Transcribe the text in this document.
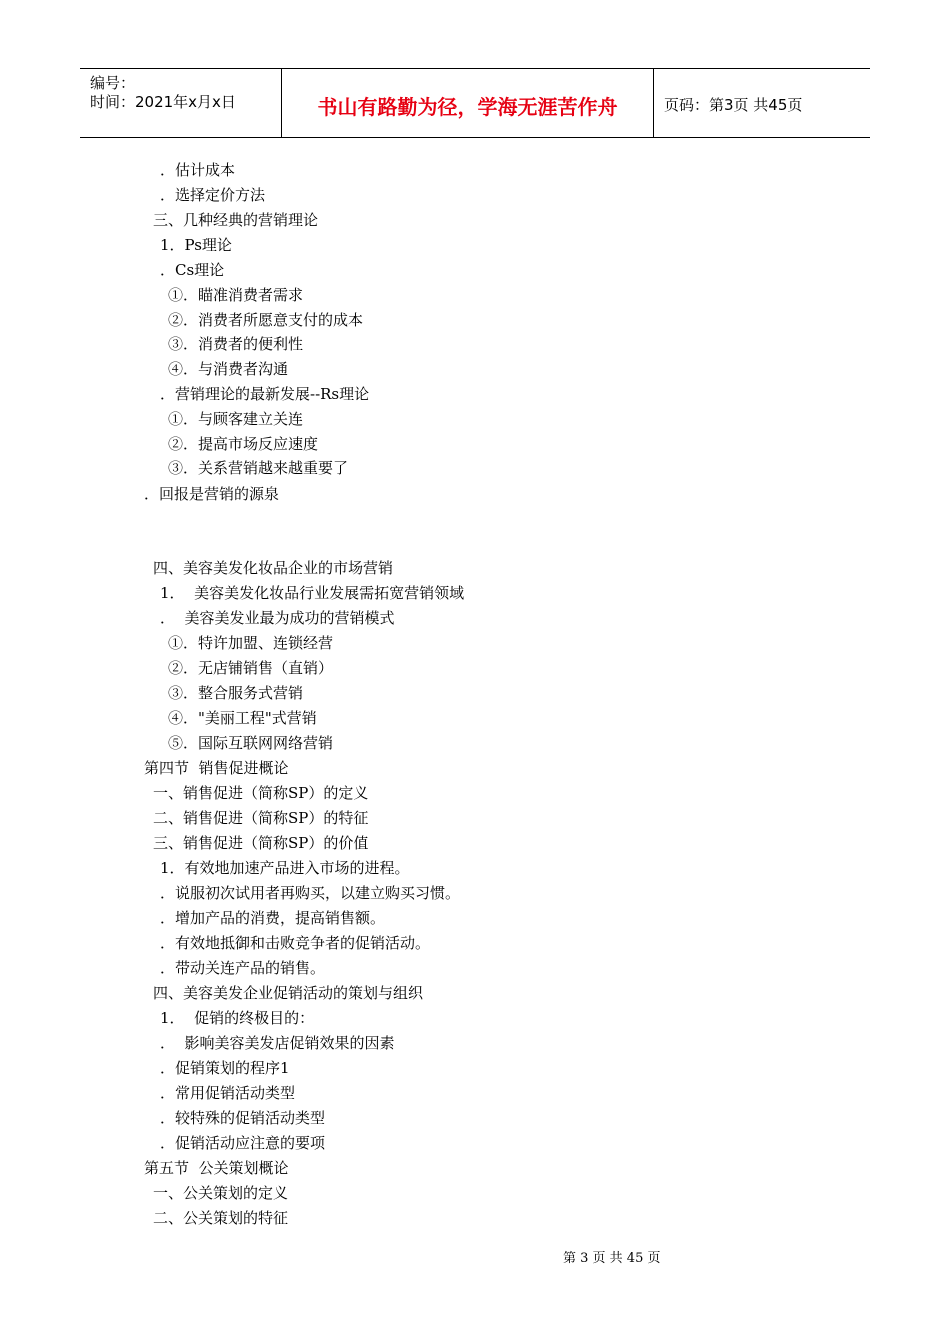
编号：
时间：2021年x月x日	书山有路勤为径，学海无涯苦作舟	页码：第3页 共45页
．估计成本
．选择定价方法
三、几种经典的营销理论
1．Ps理论
．Cs理论
①．瞄准消费者需求
②．消费者所愿意支付的成本
③．消费者的便利性
④．与消费者沟通
．营销理论的最新发展--Rs理论
①．与顾客建立关连
②．提高市场反应速度
③．关系营销越来越重要了
．回报是营销的源泉
四、美容美发化妆品企业的市场营销
1．  美容美发化妆品行业发展需拓宽营销领域
．  美容美发业最为成功的营销模式
①．特许加盟、连锁经营
②．无店铺销售（直销）
③．整合服务式营销
④．"美丽工程"式营销
⑤．国际互联网网络营销
第四节  销售促进概论
一、销售促进（简称SP）的定义
二、销售促进（简称SP）的特征
三、销售促进（简称SP）的价值
1．有效地加速产品进入市场的进程。
．说服初次试用者再购买，以建立购买习惯。
．增加产品的消费，提高销售额。
．有效地抵御和击败竞争者的促销活动。
．带动关连产品的销售。
四、美容美发企业促销活动的策划与组织
1．  促销的终极目的：
．  影响美容美发店促销效果的因素
．促销策划的程序1
．常用促销活动类型
．较特殊的促销活动类型
．促销活动应注意的要项
第五节  公关策划概论
一、公关策划的定义
二、公关策划的特征
第 3 页 共 45 页
